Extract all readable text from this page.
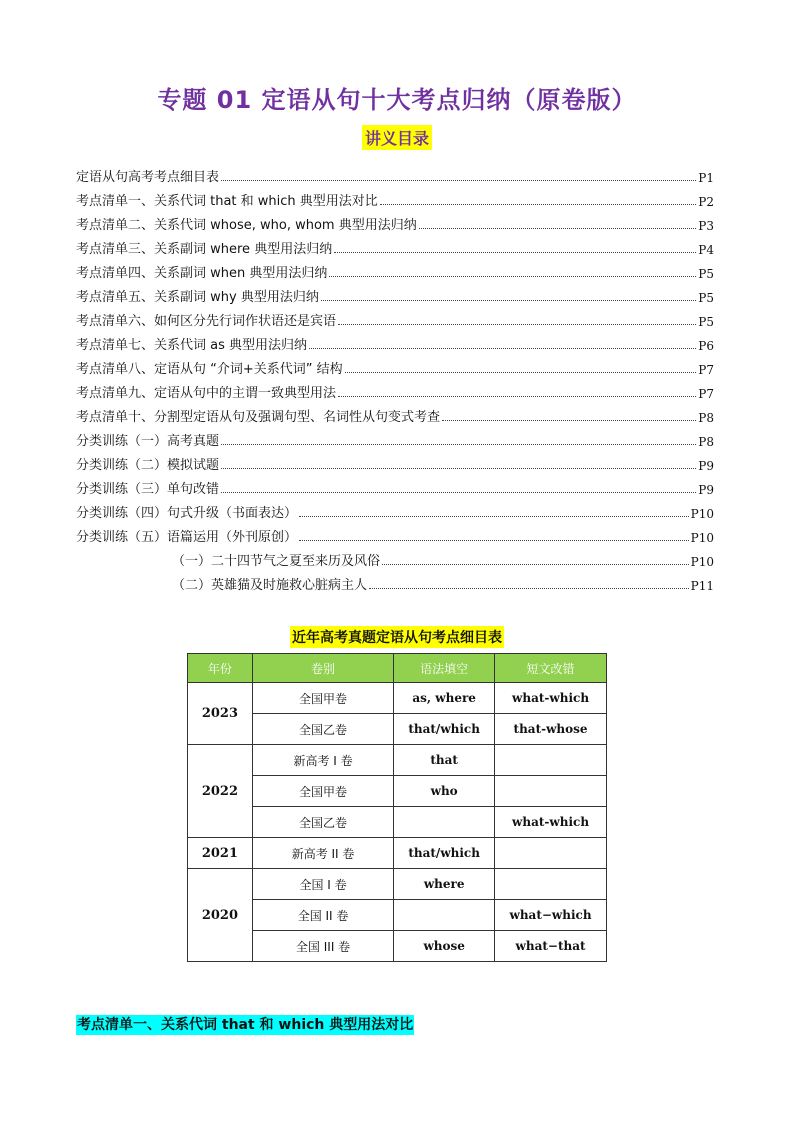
专题 01 定语从句十大考点归纳（原卷版）
讲义目录
定语从句高考考点细目表	P1
考点清单一、关系代词 that 和 which 典型用法对比	P2
考点清单二、关系代词 whose, who, whom 典型用法归纳	P3
考点清单三、关系副词 where 典型用法归纳	P4
考点清单四、关系副词 when 典型用法归纳	P5
考点清单五、关系副词 why 典型用法归纳	P5
考点清单六、如何区分先行词作状语还是宾语	P5
考点清单七、关系代词 as 典型用法归纳	P6
考点清单八、定语从句 “介词+关系代词” 结构	P7
考点清单九、定语从句中的主谓一致典型用法	P7
考点清单十、分割型定语从句及强调句型、名词性从句变式考查	P8
分类训练（一）高考真题	P8
分类训练（二）模拟试题	P9
分类训练（三）单句改错	P9
分类训练（四）句式升级（书面表达）	P10
分类训练（五）语篇运用（外刊原创）	P10
（一）二十四节气之夏至来历及风俗	P10
（二）英雄猫及时施救心脏病主人	P11
近年高考真题定语从句考点细目表
年份	卷别	语法填空	短文改错
2023	全国甲卷	as, where	what-which
	全国乙卷	that/which	that-whose
2022	新高考 I 卷	that	
	全国甲卷	who	
	全国乙卷		what-which
2021	新高考 II 卷	that/which	
2020	全国 I 卷	where	
	全国 II 卷		what−which
	全国 III 卷	whose	what−that
考点清单一、关系代词 that 和 which 典型用法对比
